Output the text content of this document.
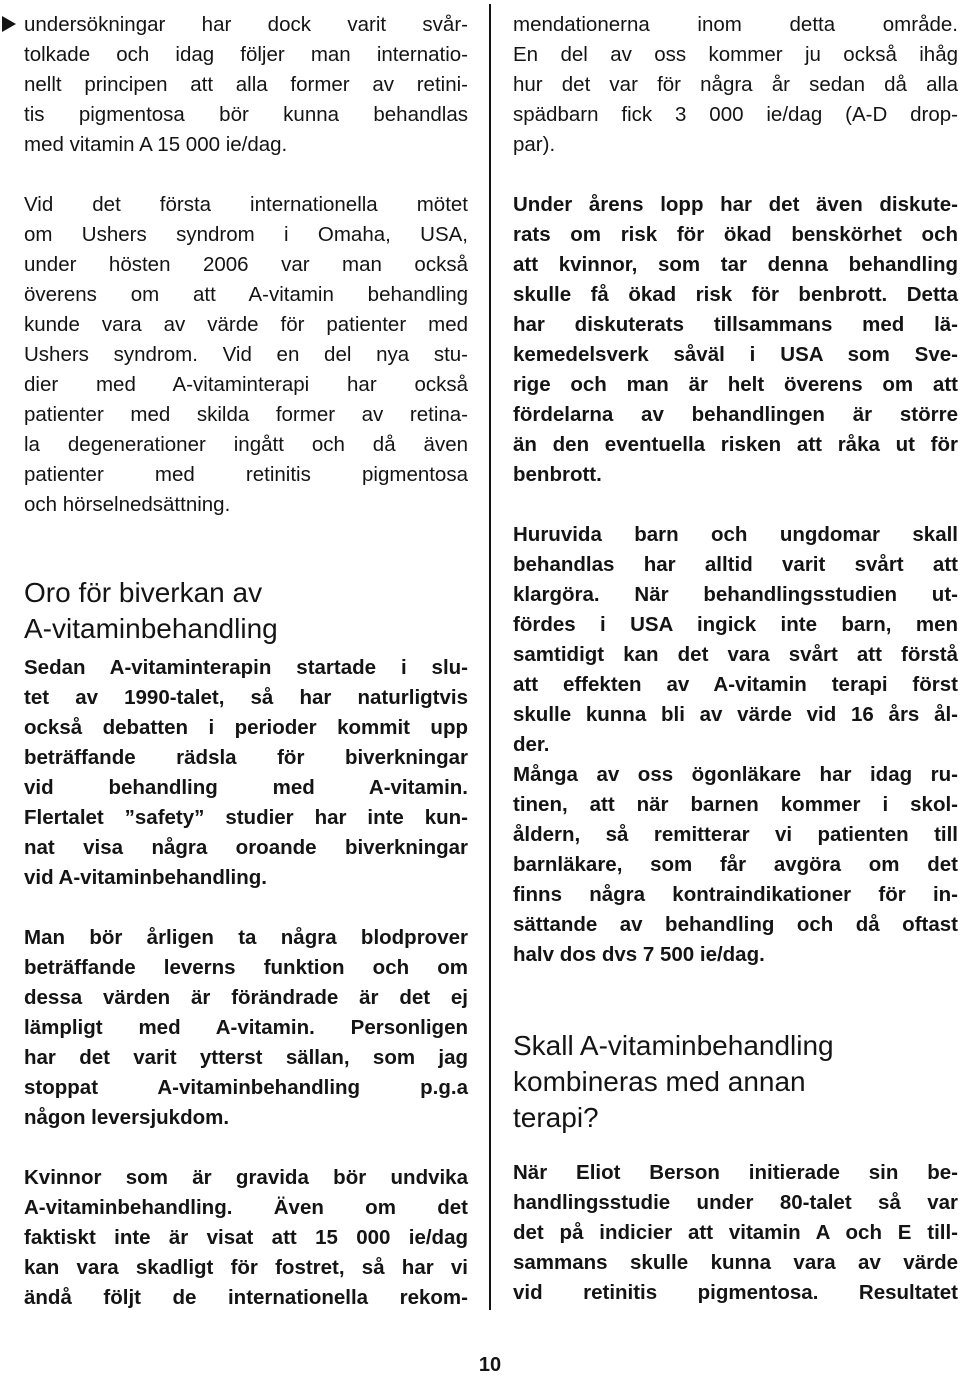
undersökningar har dock varit svår-
tolkade och idag följer man internatio-
nellt principen att alla former av retini-
tis pigmentosa bör kunna behandlas
med vitamin A 15 000 ie/dag.
Vid det första internationella mötet
om Ushers syndrom i Omaha, USA,
under hösten 2006 var man också
överens om att A-vitamin behandling
kunde vara av värde för patienter med
Ushers syndrom. Vid en del nya stu-
dier med A-vitaminterapi har också
patienter med skilda former av retina-
la degenerationer ingått och då även
patienter med retinitis pigmentosa
och hörselnedsättning.
Oro för biverkan av
A-vitaminbehandling
Sedan A-vitaminterapin startade i slu-
tet av 1990-talet, så har naturligtvis
också debatten i perioder kommit upp
beträffande rädsla för biverkningar
vid behandling med A-vitamin.
Flertalet ”safety” studier har inte kun-
nat visa några oroande biverkningar
vid A-vitaminbehandling.
Man bör årligen ta några blodprover
beträffande leverns funktion och om
dessa värden är förändrade är det ej
lämpligt med A-vitamin. Personligen
har det varit ytterst sällan, som jag
stoppat A-vitaminbehandling p.g.a
någon leversjukdom.
Kvinnor som är gravida bör undvika
A-vitaminbehandling. Även om det
faktiskt inte är visat att 15 000 ie/dag
kan vara skadligt för fostret, så har vi
ändå följt de internationella rekom-
mendationerna inom detta område.
En del av oss kommer ju också ihåg
hur det var för några år sedan då alla
spädbarn fick 3 000 ie/dag (A-D drop-
par).
Under årens lopp har det även diskute-
rats om risk för ökad benskörhet och
att kvinnor, som tar denna behandling
skulle få ökad risk för benbrott. Detta
har diskuterats tillsammans med lä-
kemedelsverk såväl i USA som Sve-
rige och man är helt överens om att
fördelarna av behandlingen är större
än den eventuella risken att råka ut för
benbrott.
Huruvida barn och ungdomar skall
behandlas har alltid varit svårt att
klargöra. När behandlingsstudien ut-
fördes i USA ingick inte barn, men
samtidigt kan det vara svårt att förstå
att effekten av A-vitamin terapi först
skulle kunna bli av värde vid 16 års ål-
der.
Många av oss ögonläkare har idag ru-
tinen, att när barnen kommer i skol-
åldern, så remitterar vi patienten till
barnläkare, som får avgöra om det
finns några kontraindikationer för in-
sättande av behandling och då oftast
halv dos dvs 7 500 ie/dag.
Skall A-vitaminbehandling
kombineras med annan
terapi?
När Eliot Berson initierade sin be-
handlingsstudie under 80-talet så var
det på indicier att vitamin A och E till-
sammans skulle kunna vara av värde
vid retinitis pigmentosa. Resultatet
10
